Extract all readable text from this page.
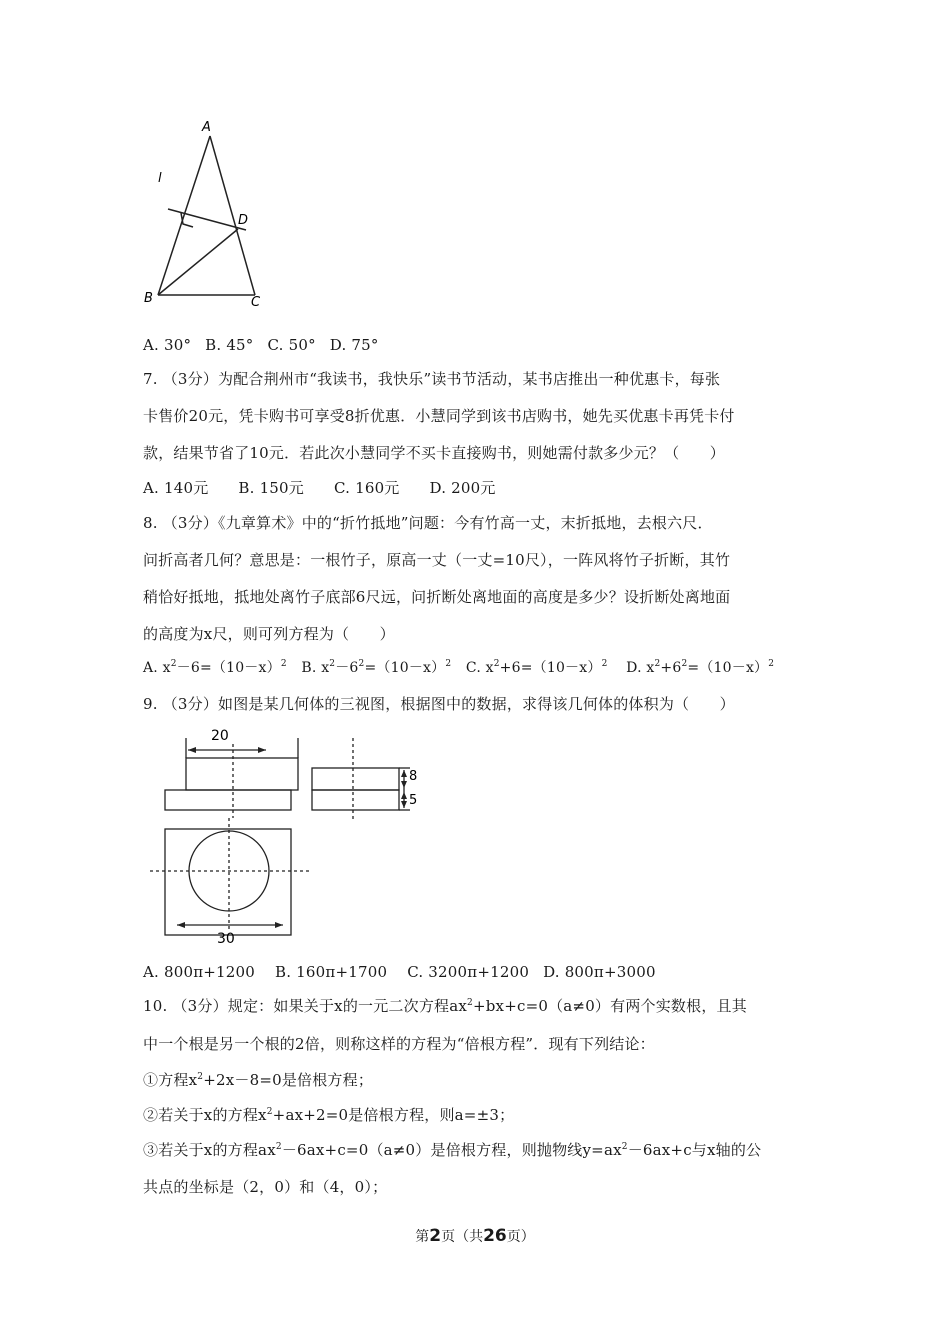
A
B	C
D
l
A. 30° B. 45° C. 50° D. 75°
7. （3分）为配合荆州市“我读书，我快乐”读书节活动，某书店推出一种优惠卡，每张
卡售价20元，凭卡购书可享受8折优惠．小慧同学到该书店购书，她先买优惠卡再凭卡付
款，结果节省了10元．若此次小慧同学不买卡直接购书，则她需付款多少元？（　　）
A. 140元 B. 150元 C. 160元 D. 200元
8. （3分）《九章算术》中的“折竹抵地”问题：今有竹高一丈，末折抵地，去根六尺．
问折高者几何？意思是：一根竹子，原高一丈（一丈=10尺），一阵风将竹子折断，其竹
稍恰好抵地，抵地处离竹子底部6尺远，问折断处离地面的高度是多少？设折断处离地面
的高度为x尺，则可列方程为（　　）
A. $x^2-6=(10-x)^2$ B. $x^2-6^2=(10-x)^2$ C. $x^2+6=(10-x)^2$ D. $x^2+6^2=(10-x)^2$
9. （3分）如图是某几何体的三视图，根据图中的数据，求得该几何体的体积为（　　）
20
30
8
5
A. 800π+1200 B. 160π+1700 C. 3200π+1200 D. 800π+3000
10. （3分）规定：如果关于x的一元二次方程$ax^2+bx+c=0(a\ne 0)$有两个实数根，且其
中一个根是另一个根的2倍，则称这样的方程为“倍根方程”．现有下列结论：
①方程$x^2+2x-8=0$是倍根方程；
②若关于x的方程$x^2+ax+2=0$是倍根方程，则a=±3；
③若关于x的方程$ax^2-6ax+c=0(a\ne 0)$是倍根方程，则抛物线$y=ax^2-6ax+c$与x轴的公
共点的坐标是（2，0）和（4，0）；
第2页（共26页）
